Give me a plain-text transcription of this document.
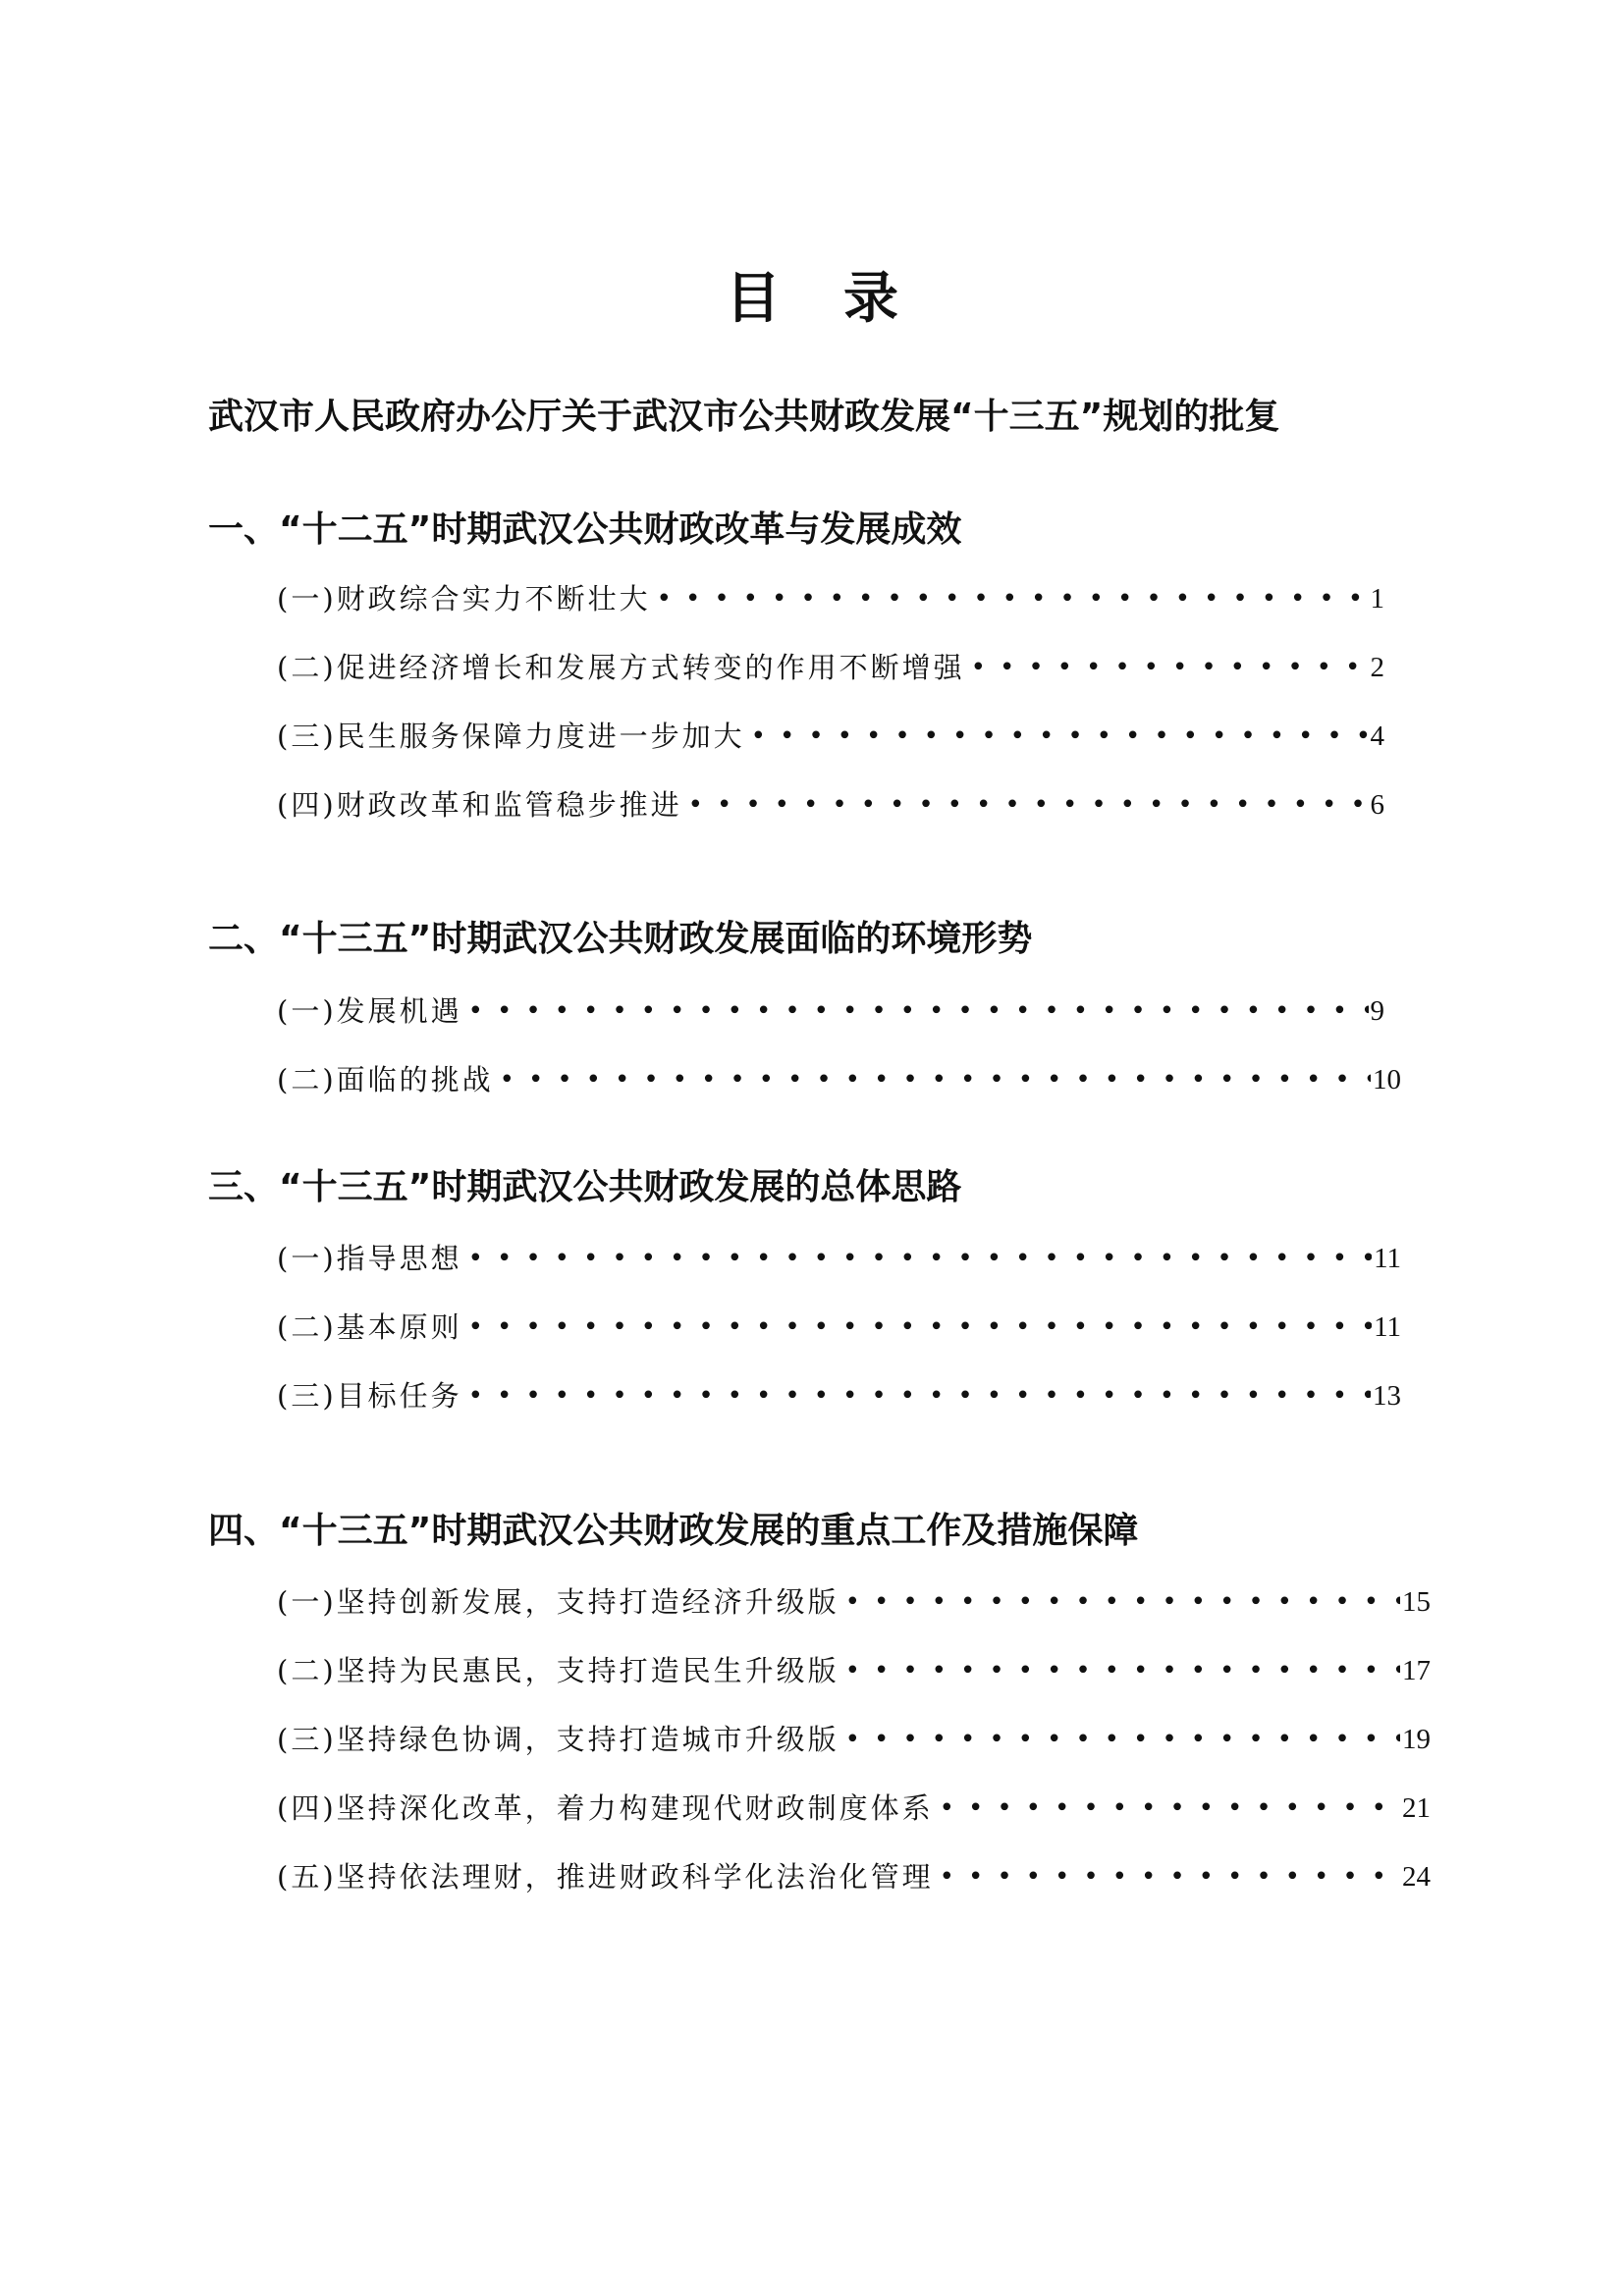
目录
武汉市人民政府办公厅关于武汉市公共财政发展“十三五”规划的批复
一、“十二五”时期武汉公共财政改革与发展成效
(一)财政综合实力不断壮大 •••••	1
(二)促进经济增长和发展方式转变的作用不断增强 •••••	2
(三)民生服务保障力度进一步加大 •••••	4
(四)财政改革和监管稳步推进 •••••	6
二、“十三五”时期武汉公共财政发展面临的环境形势
(一)发展机遇 •••••	9
(二)面临的挑战 •••••	10
三、“十三五”时期武汉公共财政发展的总体思路
(一)指导思想 •••••	11
(二)基本原则 •••••	11
(三)目标任务 •••••	13
四、“十三五”时期武汉公共财政发展的重点工作及措施保障
(一)坚持创新发展，支持打造经济升级版 •••••	15
(二)坚持为民惠民，支持打造民生升级版 •••••	17
(三)坚持绿色协调，支持打造城市升级版 •••••	19
(四)坚持深化改革，着力构建现代财政制度体系 •••••	21
(五)坚持依法理财，推进财政科学化法治化管理 •••••	24
